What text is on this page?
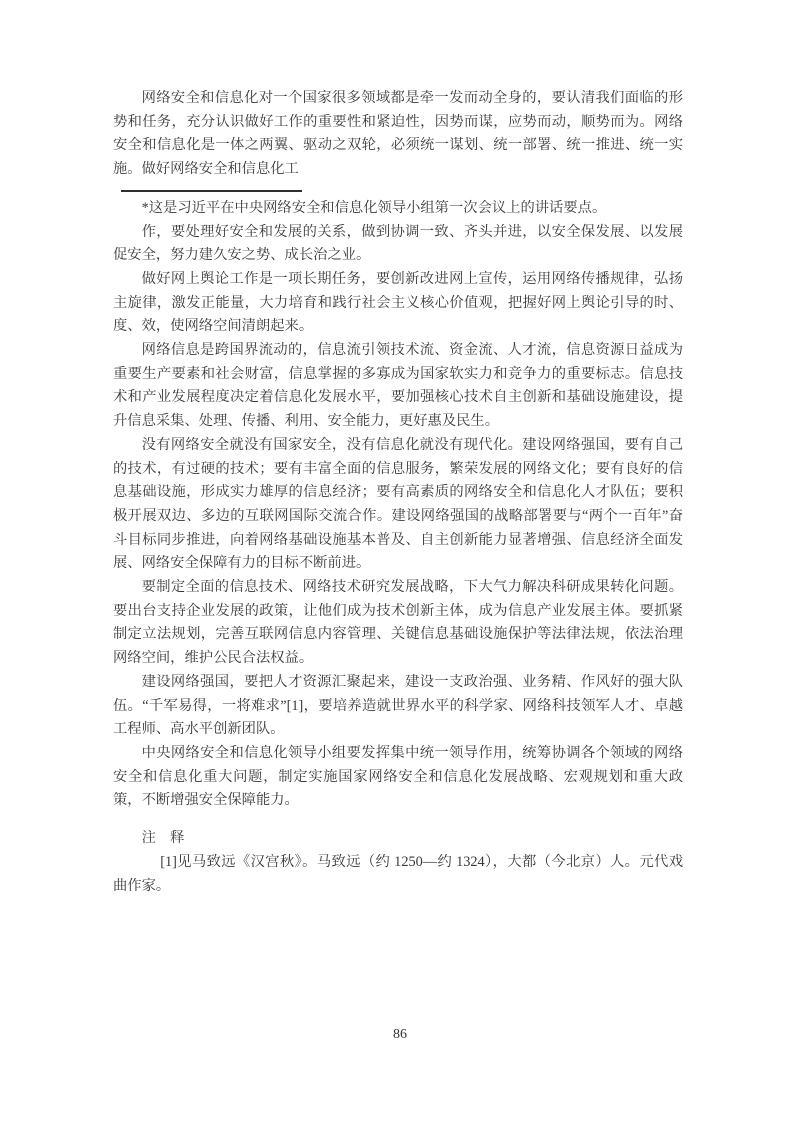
网络安全和信息化对一个国家很多领域都是牵一发而动全身的，要认清我们面临的形势和任务，充分认识做好工作的重要性和紧迫性，因势而谋，应势而动，顺势而为。网络安全和信息化是一体之两翼、驱动之双轮，必须统一谋划、统一部署、统一推进、统一实施。做好网络安全和信息化工

*这是习近平在中央网络安全和信息化领导小组第一次会议上的讲话要点。

作，要处理好安全和发展的关系，做到协调一致、齐头并进，以安全保发展、以发展促安全，努力建久安之势、成长治之业。

做好网上舆论工作是一项长期任务，要创新改进网上宣传，运用网络传播规律，弘扬主旋律，激发正能量，大力培育和践行社会主义核心价值观，把握好网上舆论引导的时、度、效，使网络空间清朗起来。

网络信息是跨国界流动的，信息流引领技术流、资金流、人才流，信息资源日益成为重要生产要素和社会财富，信息掌握的多寡成为国家软实力和竞争力的重要标志。信息技术和产业发展程度决定着信息化发展水平，要加强核心技术自主创新和基础设施建设，提升信息采集、处理、传播、利用、安全能力，更好惠及民生。

没有网络安全就没有国家安全，没有信息化就没有现代化。建设网络强国，要有自己的技术，有过硬的技术；要有丰富全面的信息服务，繁荣发展的网络文化；要有良好的信息基础设施，形成实力雄厚的信息经济；要有高素质的网络安全和信息化人才队伍；要积极开展双边、多边的互联网国际交流合作。建设网络强国的战略部署要与“两个一百年”奋斗目标同步推进，向着网络基础设施基本普及、自主创新能力显著增强、信息经济全面发展、网络安全保障有力的目标不断前进。

要制定全面的信息技术、网络技术研究发展战略，下大气力解决科研成果转化问题。要出台支持企业发展的政策，让他们成为技术创新主体，成为信息产业发展主体。要抓紧制定立法规划，完善互联网信息内容管理、关键信息基础设施保护等法律法规，依法治理网络空间，维护公民合法权益。

建设网络强国，要把人才资源汇聚起来，建设一支政治强、业务精、作风好的强大队伍。“千军易得，一将难求”[1]，要培养造就世界水平的科学家、网络科技领军人才、卓越工程师、高水平创新团队。

中央网络安全和信息化领导小组要发挥集中统一领导作用，统筹协调各个领域的网络安全和信息化重大问题，制定实施国家网络安全和信息化发展战略、宏观规划和重大政策，不断增强安全保障能力。

注　释

[1]见马致远《汉宫秋》。马致远（约 1250—约 1324），大都（今北京）人。元代戏曲作家。

86
